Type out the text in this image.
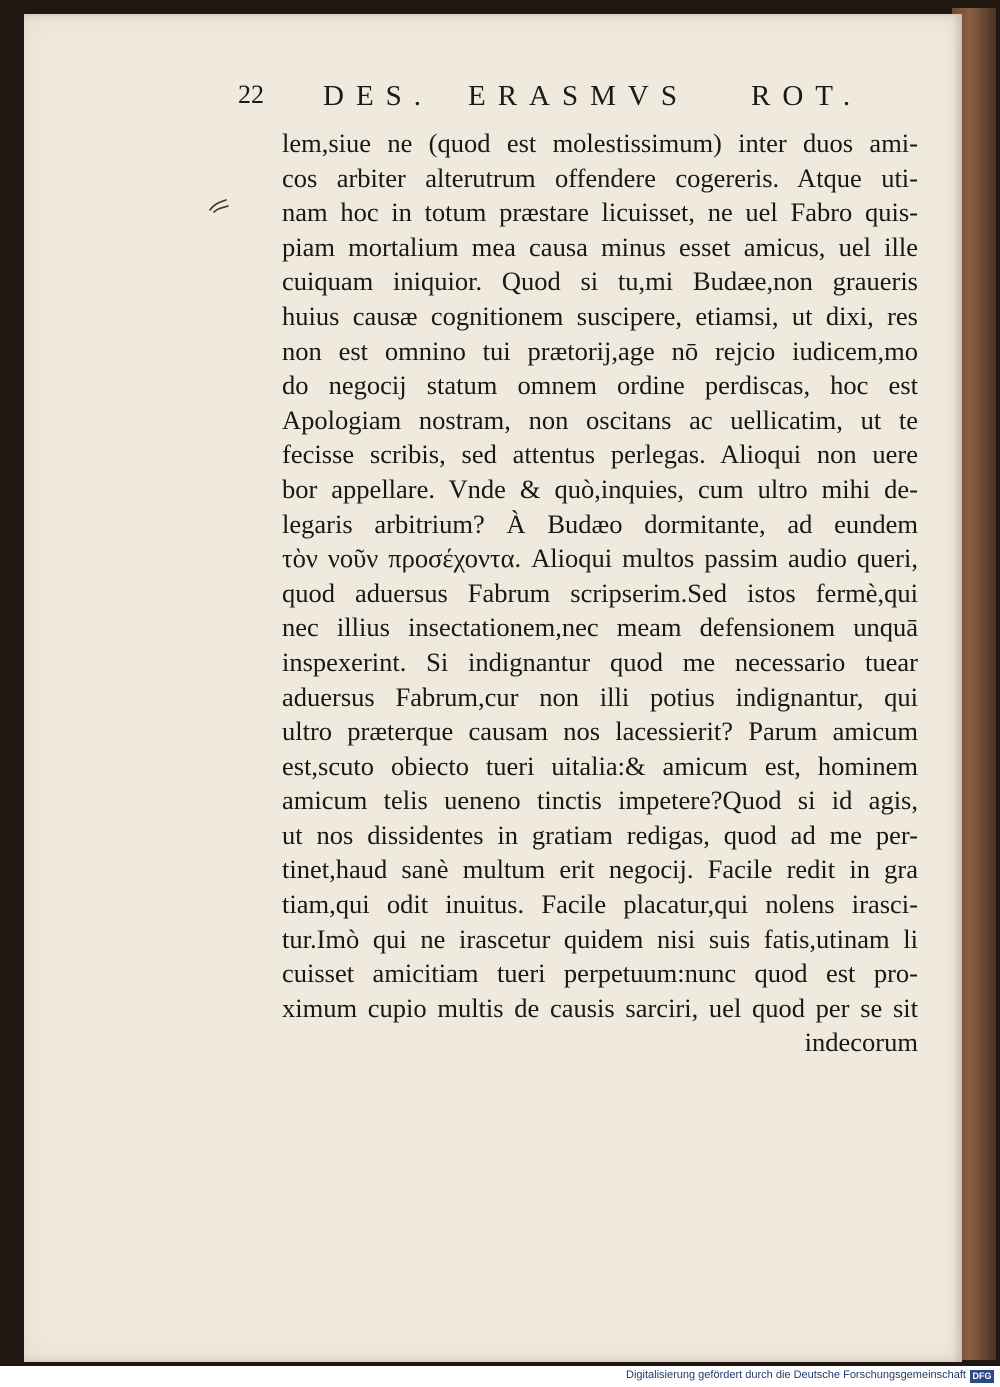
22 DES. ERASMVS ROT.
lem,siue ne (quod est molestissimum) inter duos ami-
cos arbiter alterutrum offendere cogereris. Atque uti-
nam hoc in totum præstare licuisset, ne uel Fabro quis-
piam mortalium mea causa minus esset amicus, uel ille
cuiquam iniquior. Quod si tu,mi Budæe,non graueris
huius causæ cognitionem suscipere, etiamsi, ut dixi, res
non est omnino tui prætorij,age nō rejcio iudicem,mo
do negocij statum omnem ordine perdiscas, hoc est
Apologiam nostram, non oscitans ac uellicatim, ut te
fecisse scribis, sed attentus perlegas. Alioqui non uere
bor appellare. Vnde & quò,inquies, cum ultro mihi de-
legaris arbitrium? À Budæo dormitante, ad eundem
τὸν νοῦν προσέχοντα. Alioqui multos passim audio queri,
quod aduersus Fabrum scripserim.Sed istos fermè,qui
nec illius insectationem,nec meam defensionem unquā
inspexerint. Si indignantur quod me necessario tuear
aduersus Fabrum,cur non illi potius indignantur, qui
ultro præterque causam nos lacessierit? Parum amicum
est,scuto obiecto tueri uitalia:& amicum est, hominem
amicum telis ueneno tinctis impetere?Quod si id agis,
ut nos dissidentes in gratiam redigas, quod ad me per-
tinet,haud sanè multum erit negocij. Facile redit in gra
tiam,qui odit inuitus. Facile placatur,qui nolens irasci-
tur.Imò qui ne irascetur quidem nisi suis fatis,utinam li
cuisset amicitiam tueri perpetuum:nunc quod est pro-
ximum cupio multis de causis sarciri, uel quod per se sit
indecorum
Digitalisierung gefördert durch die Deutsche Forschungsgemeinschaft DFG
